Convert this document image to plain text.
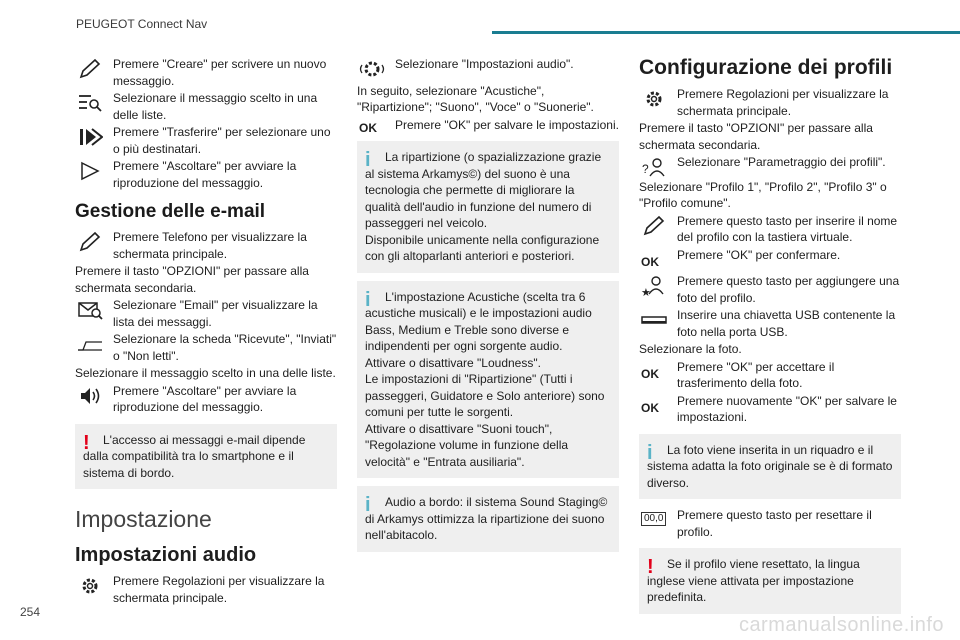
PEUGEOT Connect Nav
Premere "Creare" per scrivere un nuovo messaggio.
Selezionare il messaggio scelto in una delle liste.
Premere "Trasferire" per selezionare uno o più destinatari.
Premere "Ascoltare" per avviare la riproduzione del messaggio.
Gestione delle e-mail
Premere Telefono per visualizzare la schermata principale.

Premere il tasto "OPZIONI" per passare alla schermata secondaria.

Selezionare "Email" per visualizzare la lista dei messaggi.
Selezionare la scheda "Ricevute", "Inviati" o "Non letti".

Selezionare il messaggio scelto in una delle liste.

Premere "Ascoltare" per avviare la riproduzione del messaggio.
!	L'accesso ai messaggi e-mail dipende dalla compatibilità tra lo smartphone e il sistema di bordo.

Impostazione
Impostazioni audio
Premere Regolazioni per visualizzare la schermata principale.
Selezionare "Impostazioni audio".

In seguito, selezionare "Acustiche", "Ripartizione"; "Suono", "Voce" o "Suonerie".

OK	Premere "OK" per salvare le impostazioni.
i	La ripartizione (o spazializzazione grazie al sistema Arkamys©) del suono è una tecnologia che permette di migliorare la qualità dell'audio in funzione del numero di passeggeri nel veicolo.

Disponibile unicamente nella configurazione con gli altoparlanti anteriori e posteriori.

i	L'impostazione Acustiche (scelta tra 6 acustiche musicali) e le impostazioni audio Bass, Medium e Treble sono diverse e indipendenti per ogni sorgente audio.

Attivare o disattivare "Loudness".

Le impostazioni di "Ripartizione" (Tutti i passeggeri, Guidatore e Solo anteriore) sono comuni per tutte le sorgenti.

Attivare o disattivare "Suoni touch", "Regolazione volume in funzione della velocità" e "Entrata ausiliaria".

i	Audio a bordo: il sistema Sound Staging© di Arkamys ottimizza la ripartizione dei suono nell'abitacolo.

Configurazione dei profili
Premere Regolazioni per visualizzare la schermata principale.

Premere il tasto "OPZIONI" per passare alla schermata secondaria.

? Selezionare "Parametraggio dei profili".

Selezionare "Profilo 1", "Profilo 2", "Profilo 3" o "Profilo comune".

Premere questo tasto per inserire il nome del profilo con la tastiera virtuale.
OK	Premere "OK" per confermare.
★
Premere questo tasto per aggiungere una foto del profilo.
Inserire una chiavetta USB contenente la foto nella porta USB.

Selezionare la foto.

OK	Premere "OK" per accettare il trasferimento della foto.
OK	Premere nuovamente "OK" per salvare le impostazioni.
i	La foto viene inserita in un riquadro e il sistema adatta la foto originale se è di formato diverso.

00,0 Premere questo tasto per resettare il profilo.
!	Se il profilo viene resettato, la lingua inglese viene attivata per impostazione predefinita.

254
carmanualsonline.info
